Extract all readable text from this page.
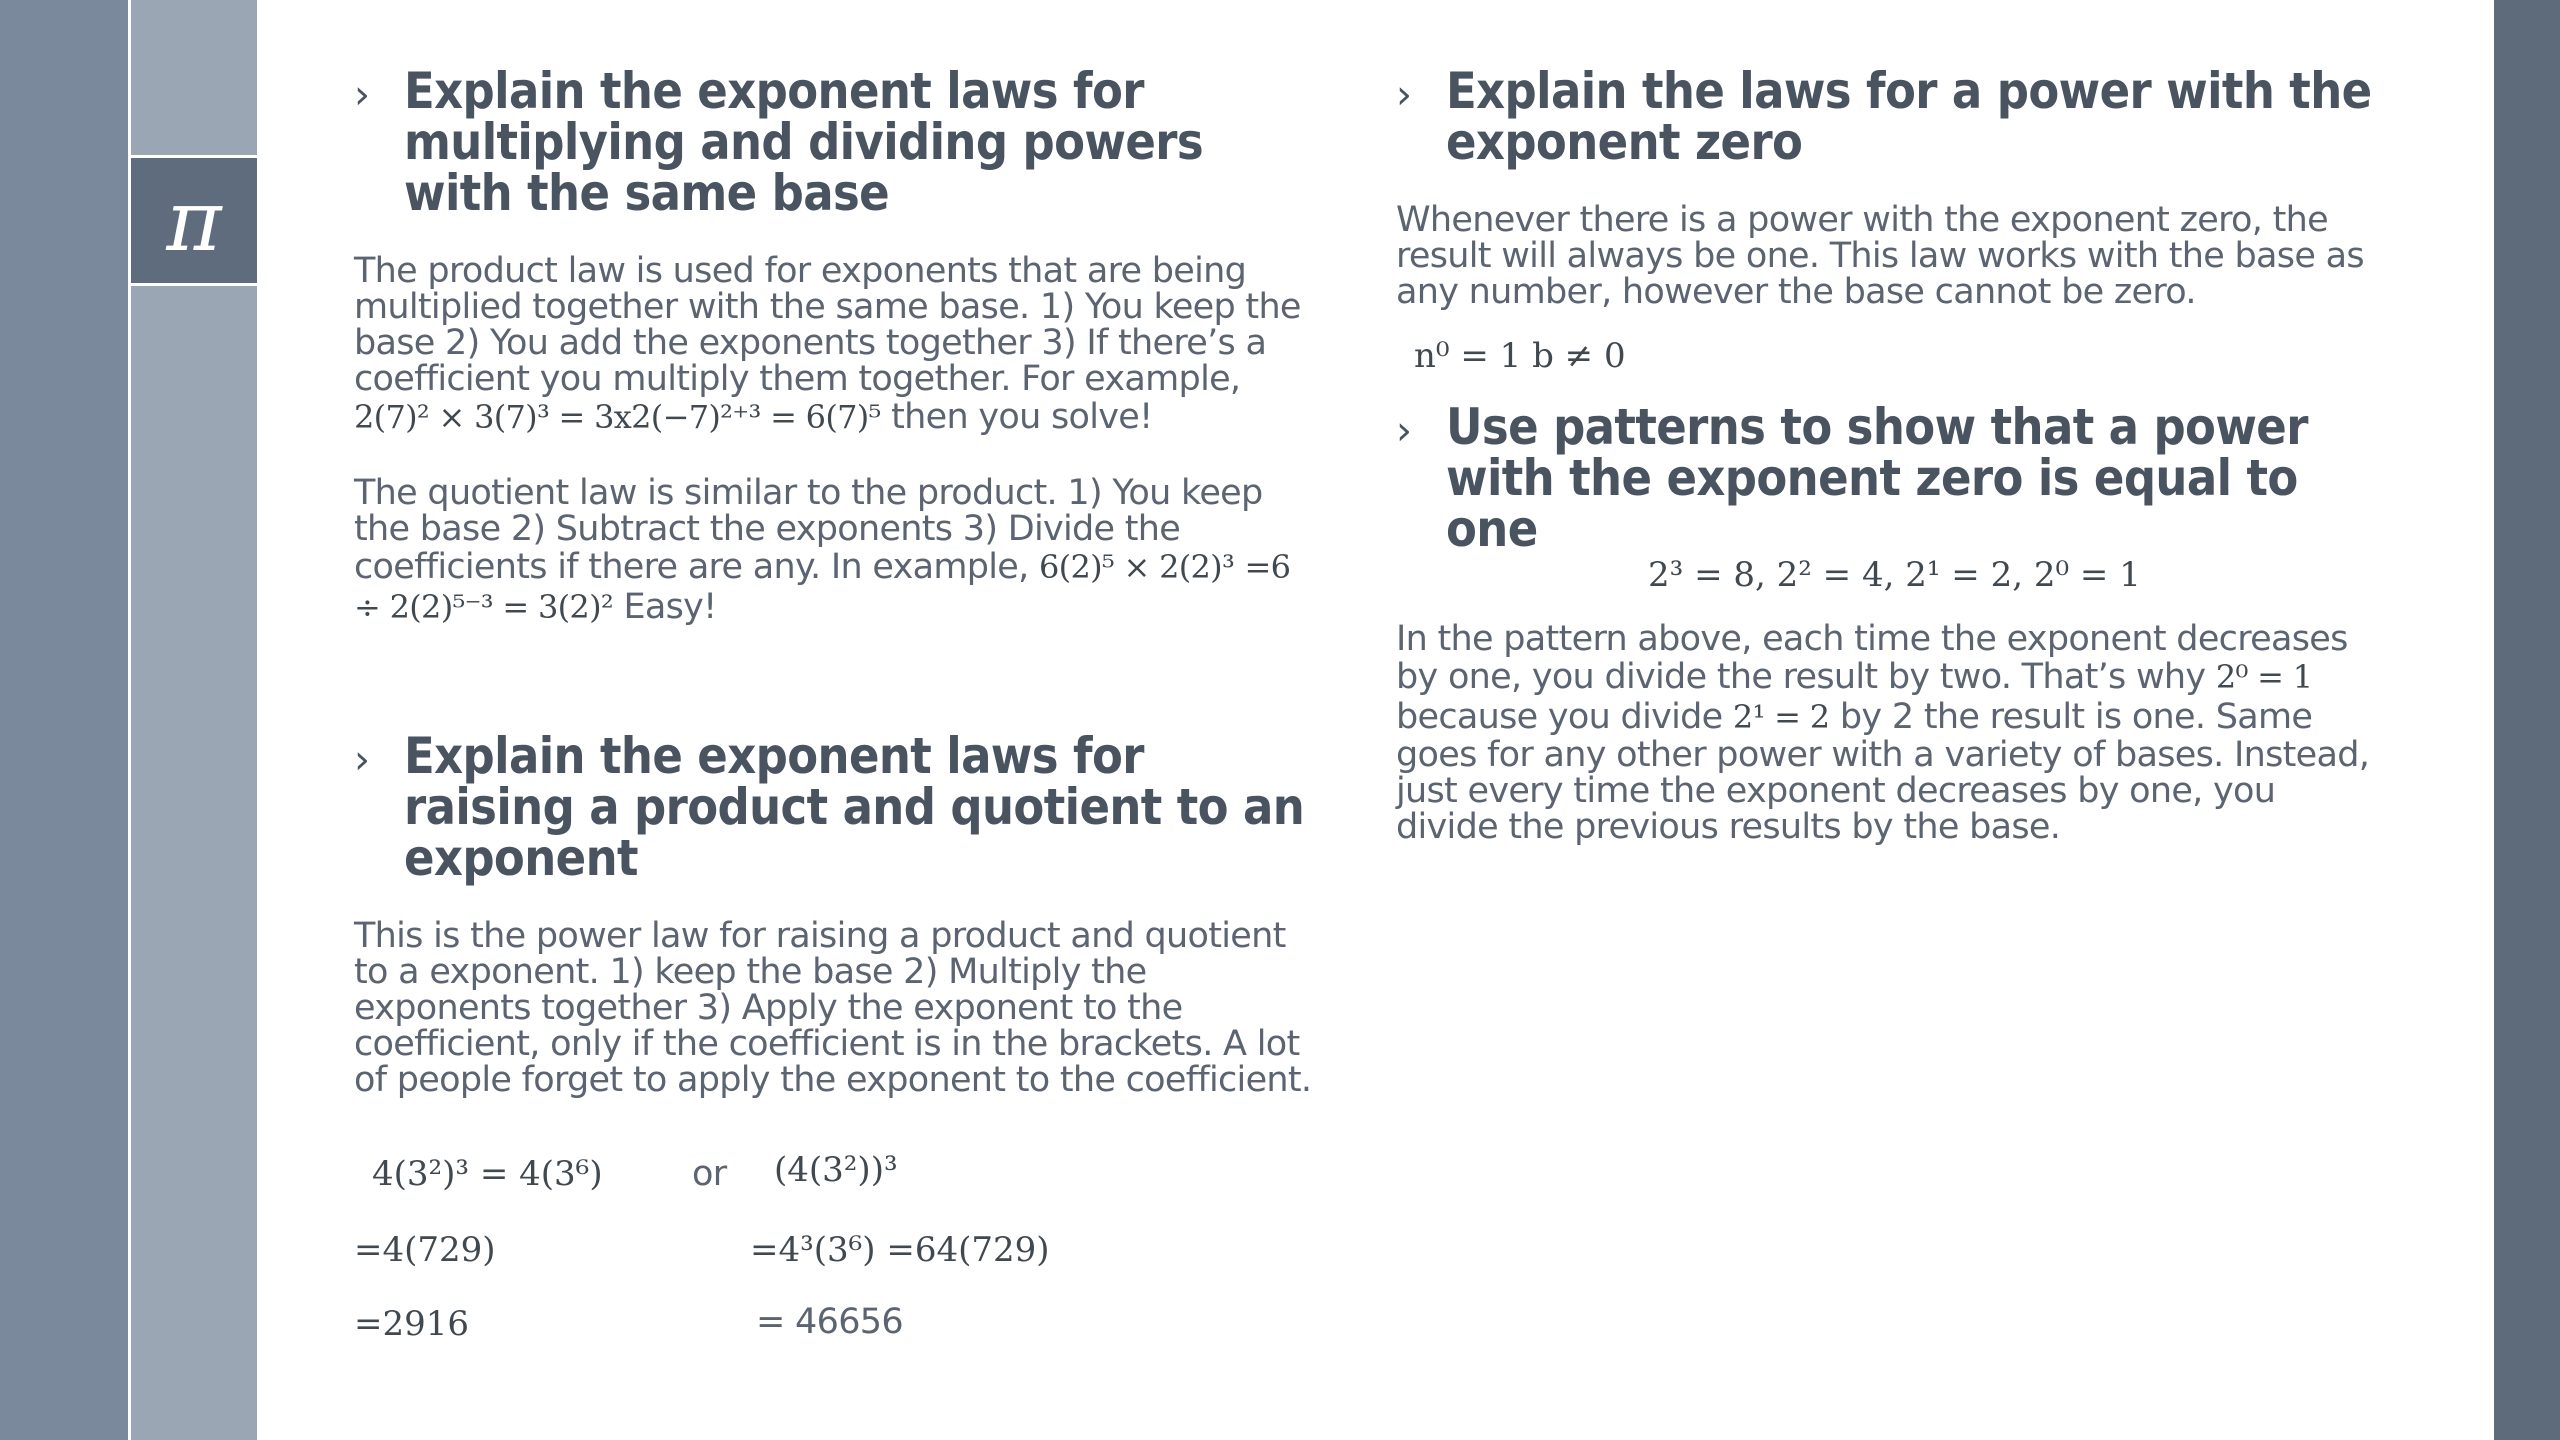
π
› Explain the exponent laws for multiplying and dividing powers with the same base

The product law is used for exponents that are being multiplied together with the same base. 1) You keep the base 2) You add the exponents together 3) If there’s a coefficient you multiply them together. For example, 2(7)² × 3(7)³ = 3x2(−7)²⁺³ = 6(7)⁵ then you solve!

The quotient law is similar to the product. 1) You keep the base 2) Subtract the exponents 3) Divide the coefficients if there are any. In example, 6(2)⁵ × 2(2)³ =6 ÷ 2(2)⁵⁻³ = 3(2)² Easy!

› Explain the exponent laws for raising a product and quotient to an exponent

This is the power law for raising a product and quotient to a exponent. 1) keep the base 2) Multiply the exponents together 3) Apply the exponent to the coefficient, only if the coefficient is in the brackets. A lot of people forget to apply the exponent to the coefficient.

4(3²)³ = 4(3⁶)	or (4(3²))³
=4(729)	=4³(3⁶) =64(729)
=2916	= 46656
› Explain the laws for a power with the exponent zero

Whenever there is a power with the exponent zero, the result will always be one. This law works with the base as any number, however the base cannot be zero.

n⁰ = 1 b ≠ 0
› Use patterns to show that a power with the exponent zero is equal to one
2³ = 8, 2² = 4, 2¹ = 2, 2⁰ = 1

In the pattern above, each time the exponent decreases by one, you divide the result by two. That’s why 2⁰ = 1 because you divide 2¹ = 2 by 2 the result is one. Same goes for any other power with a variety of bases. Instead, just every time the exponent decreases by one, you divide the previous results by the base.
